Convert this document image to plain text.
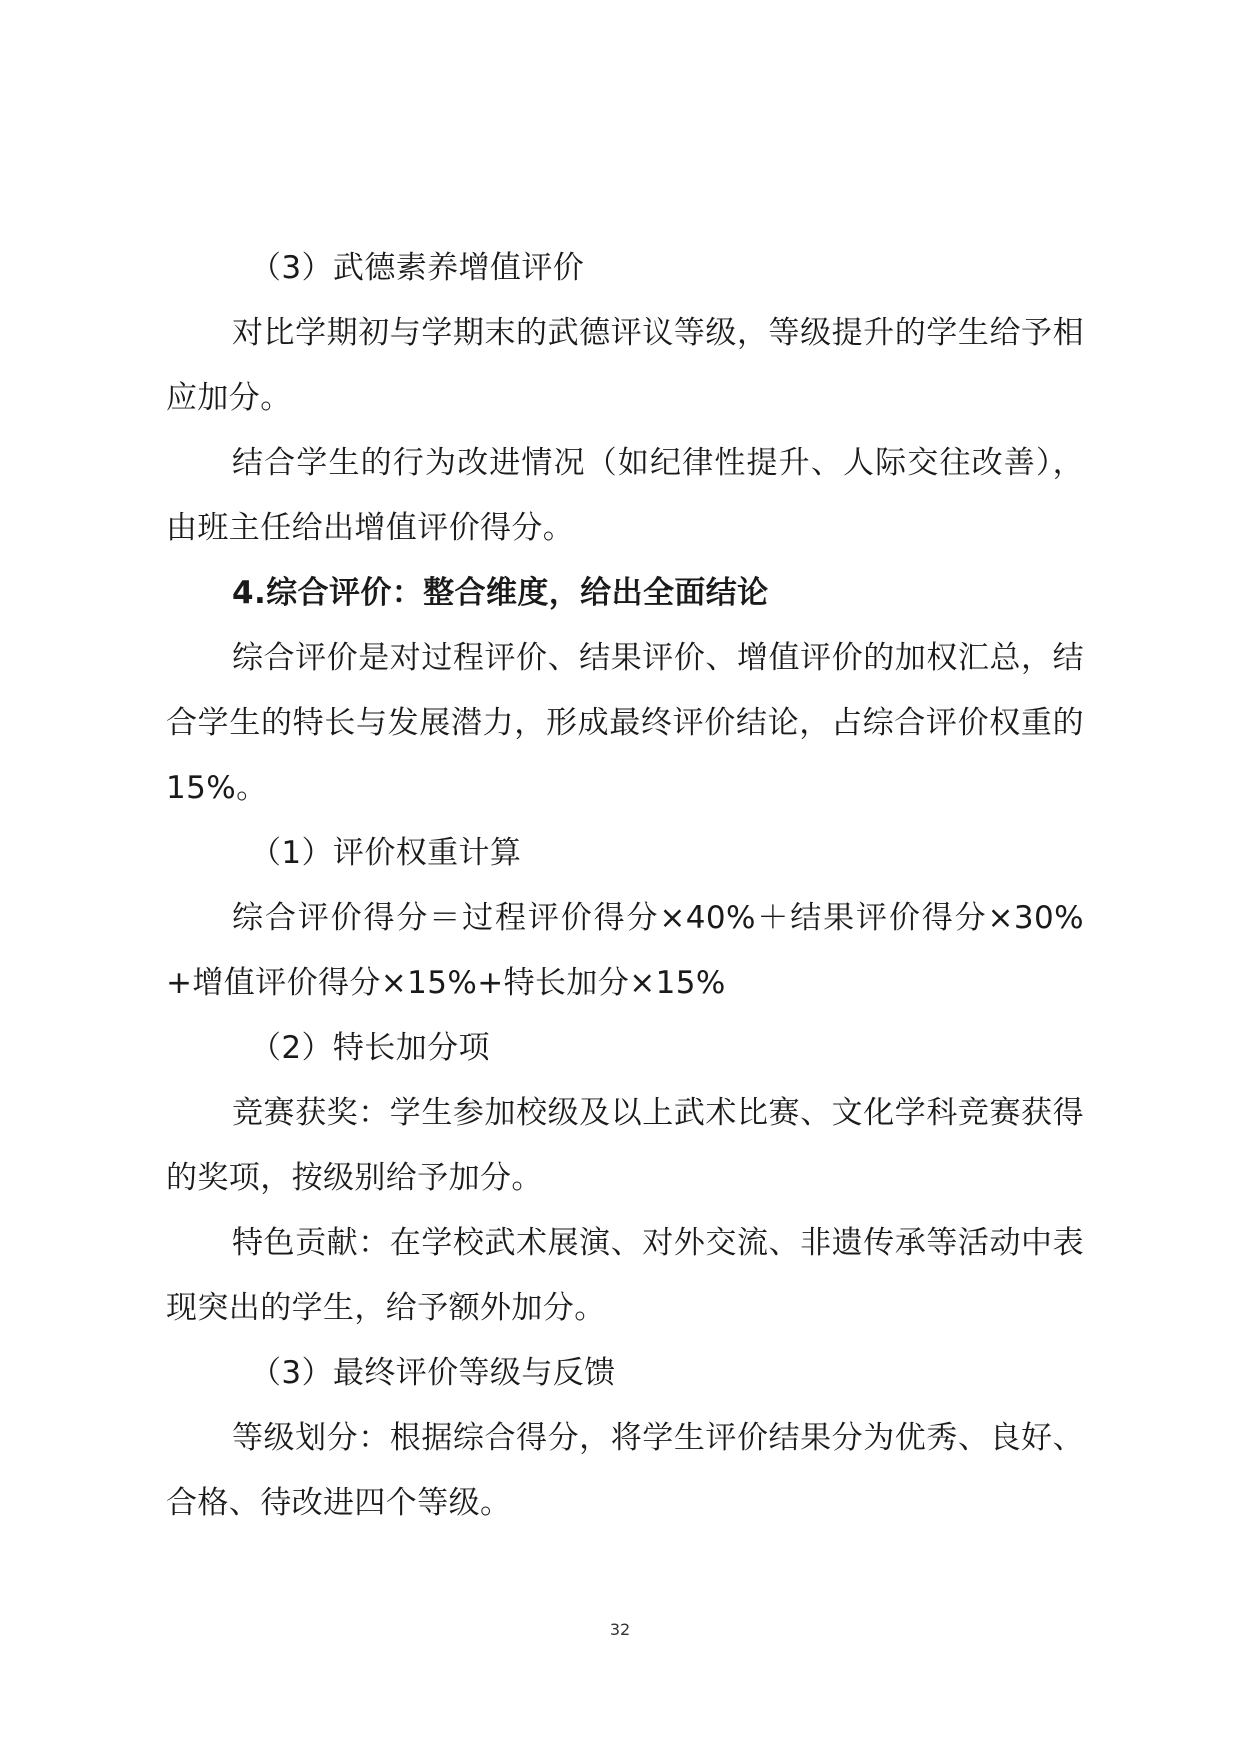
（3）武德素养增值评价

对比学期初与学期末的武德评议等级，等级提升的学生给予相应加分。

结合学生的行为改进情况（如纪律性提升、人际交往改善），由班主任给出增值评价得分。

4.综合评价：整合维度，给出全面结论

综合评价是对过程评价、结果评价、增值评价的加权汇总，结合学生的特长与发展潜力，形成最终评价结论，占综合评价权重的 15%。

（1）评价权重计算

综合评价得分＝过程评价得分×40%＋结果评价得分×30%+增值评价得分×15%+特长加分×15%

（2）特长加分项

竞赛获奖：学生参加校级及以上武术比赛、文化学科竞赛获得的奖项，按级别给予加分。

特色贡献：在学校武术展演、对外交流、非遗传承等活动中表现突出的学生，给予额外加分。

（3）最终评价等级与反馈

等级划分：根据综合得分，将学生评价结果分为优秀、良好、合格、待改进四个等级。

32
